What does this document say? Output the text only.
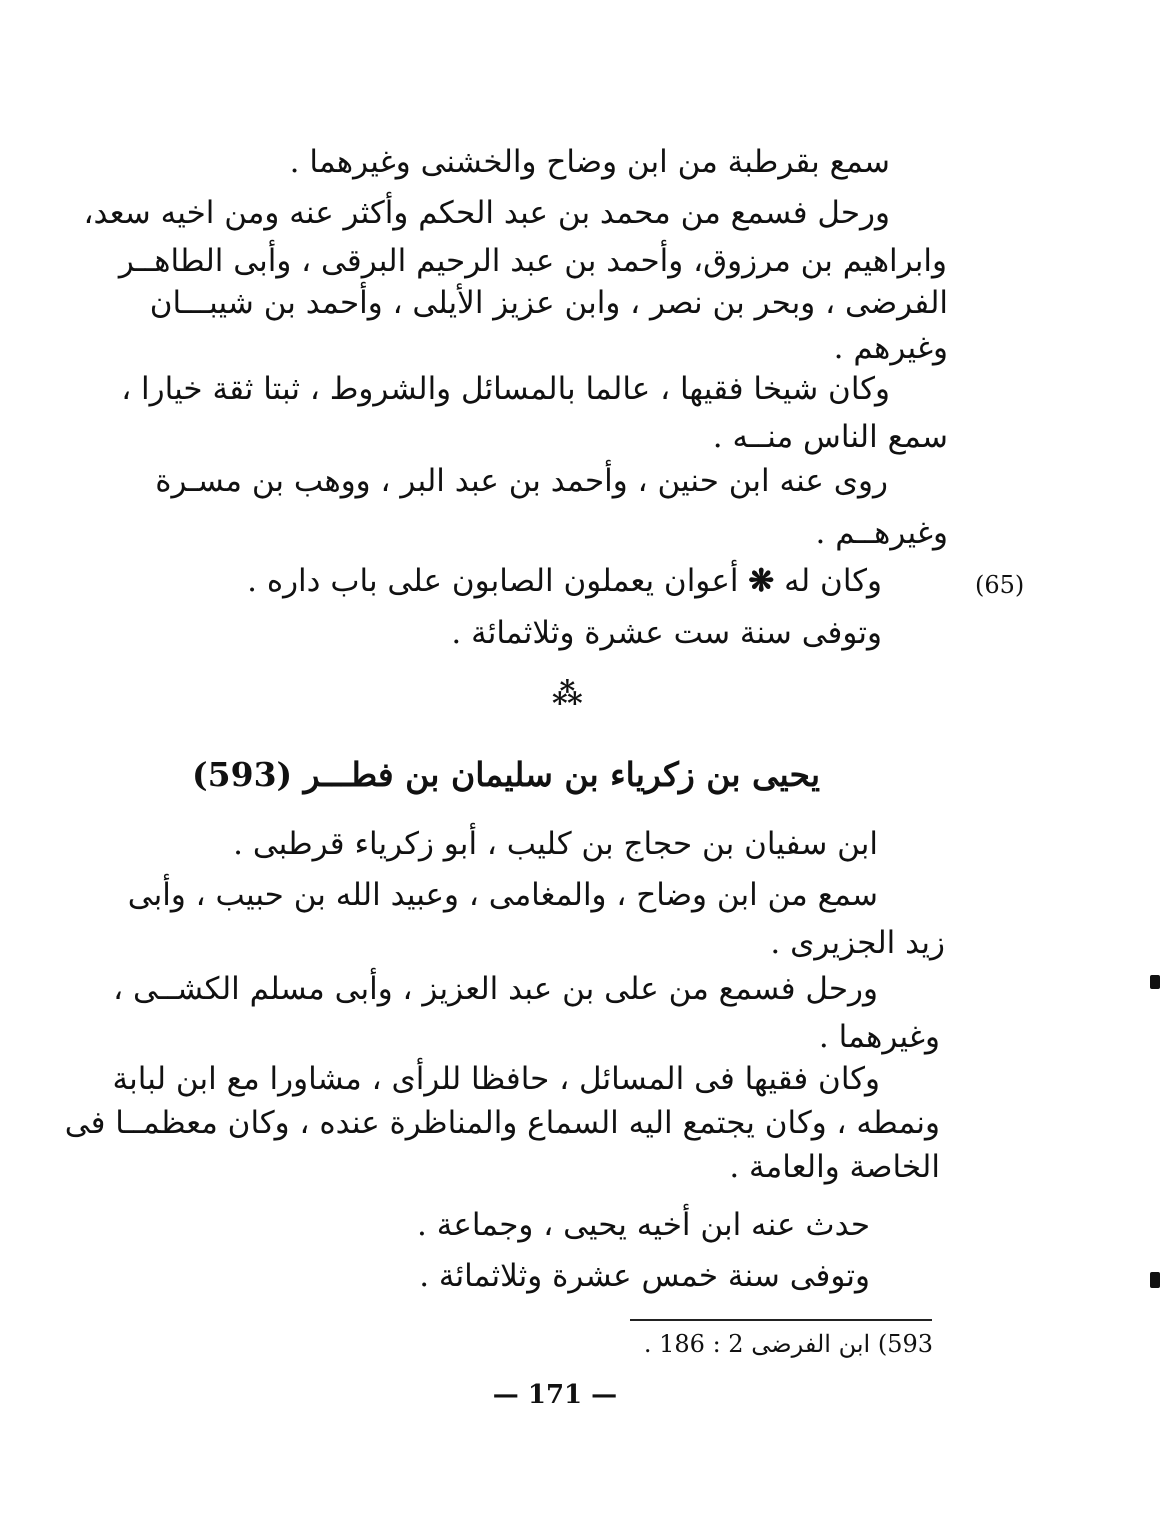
سمع بقرطبة من ابن وضاح والخشنى وغيرهما .
ورحل فسمع من محمد بن عبد الحكم وأكثر عنه ومن اخيه سعد،
وابراهيم بن مرزوق، وأحمد بن عبد الرحيم البرقى ، وأبى الطاهــر
الفرضى ، وبحر بن نصر ، وابن عزيز الأيلى ، وأحمد بن شيبـــان
وغيرهم .
وكان شيخا فقيها ، عالما بالمسائل والشروط ، ثبتا ثقة خيارا ،
سمع الناس منــه .
روى عنه ابن حنين ، وأحمد بن عبد البر ، ووهب بن مسـرة
وغيرهــم .
وكان له ❋ أعوان يعملون الصابون على باب داره .	(65)
وتوفى سنة ست عشرة وثلاثمائة .
⁂
يحيى بن زكرياء بن سليمان بن فطـــر (593)
ابن سفيان بن حجاج بن كليب ، أبو زكرياء قرطبى .
سمع من ابن وضاح ، والمغامى ، وعبيد الله بن حبيب ، وأبى
زيد الجزيرى .
ورحل فسمع من على بن عبد العزيز ، وأبى مسلم الكشــى ،
وغيرهما .
وكان فقيها فى المسائل ، حافظا للرأى ، مشاورا مع ابن لبابة
ونمطه ، وكان يجتمع اليه السماع والمناظرة عنده ، وكان معظمــا فى
الخاصة والعامة .
حدث عنه ابن أخيه يحيى ، وجماعة .
وتوفى سنة خمس عشرة وثلاثمائة .
593) ابن الفرضى 2 : 186 .
— 171 —
